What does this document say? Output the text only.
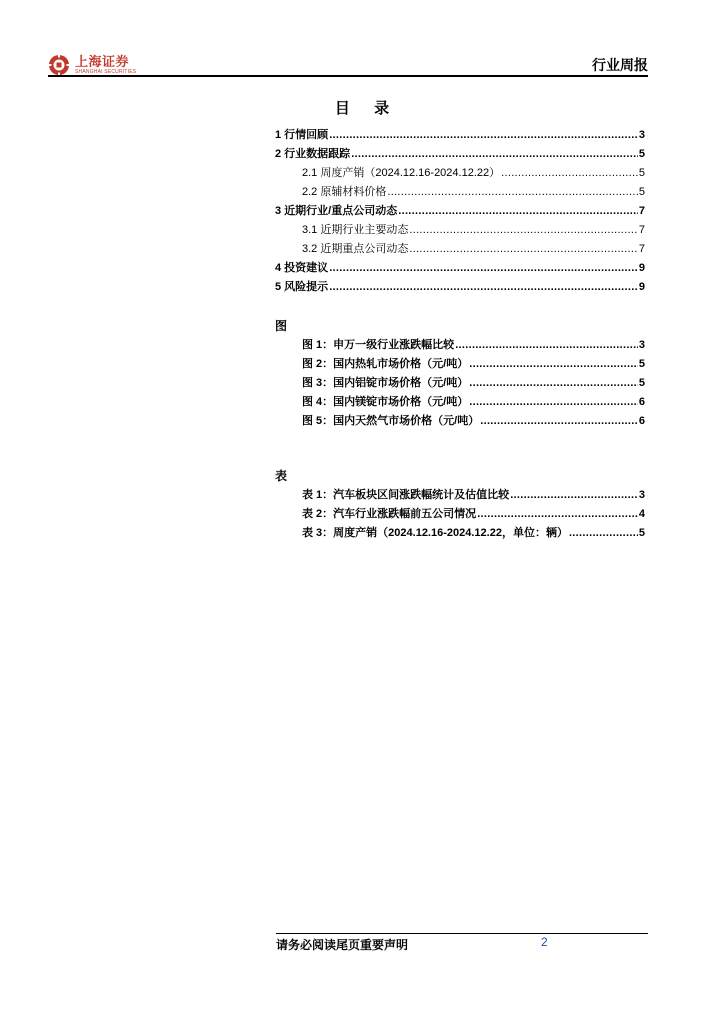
上海证券
SHANGHAI SECURITIES	行业周报
目 录
1 行情回顾 .....	3
2 行业数据跟踪 .....	5
2.1 周度产销（2024.12.16-2024.12.22） .....	5
2.2 原辅材料价格 .....	5
3 近期行业/重点公司动态 .....	7
3.1 近期行业主要动态 .....	7
3.2 近期重点公司动态 .....	7
4 投资建议 .....	9
5 风险提示 .....	9
图
图 1：申万一级行业涨跌幅比较 .....	3
图 2：国内热轧市场价格（元/吨） .....	5
图 3：国内铝锭市场价格（元/吨） .....	5
图 4：国内镁锭市场价格（元/吨） .....	6
图 5：国内天然气市场价格（元/吨） .....	6
表
表 1：汽车板块区间涨跌幅统计及估值比较 .....	3
表 2：汽车行业涨跌幅前五公司情况 .....	4
表 3：周度产销（2024.12.16-2024.12.22，单位：辆） .....	5
请务必阅读尾页重要声明	2
